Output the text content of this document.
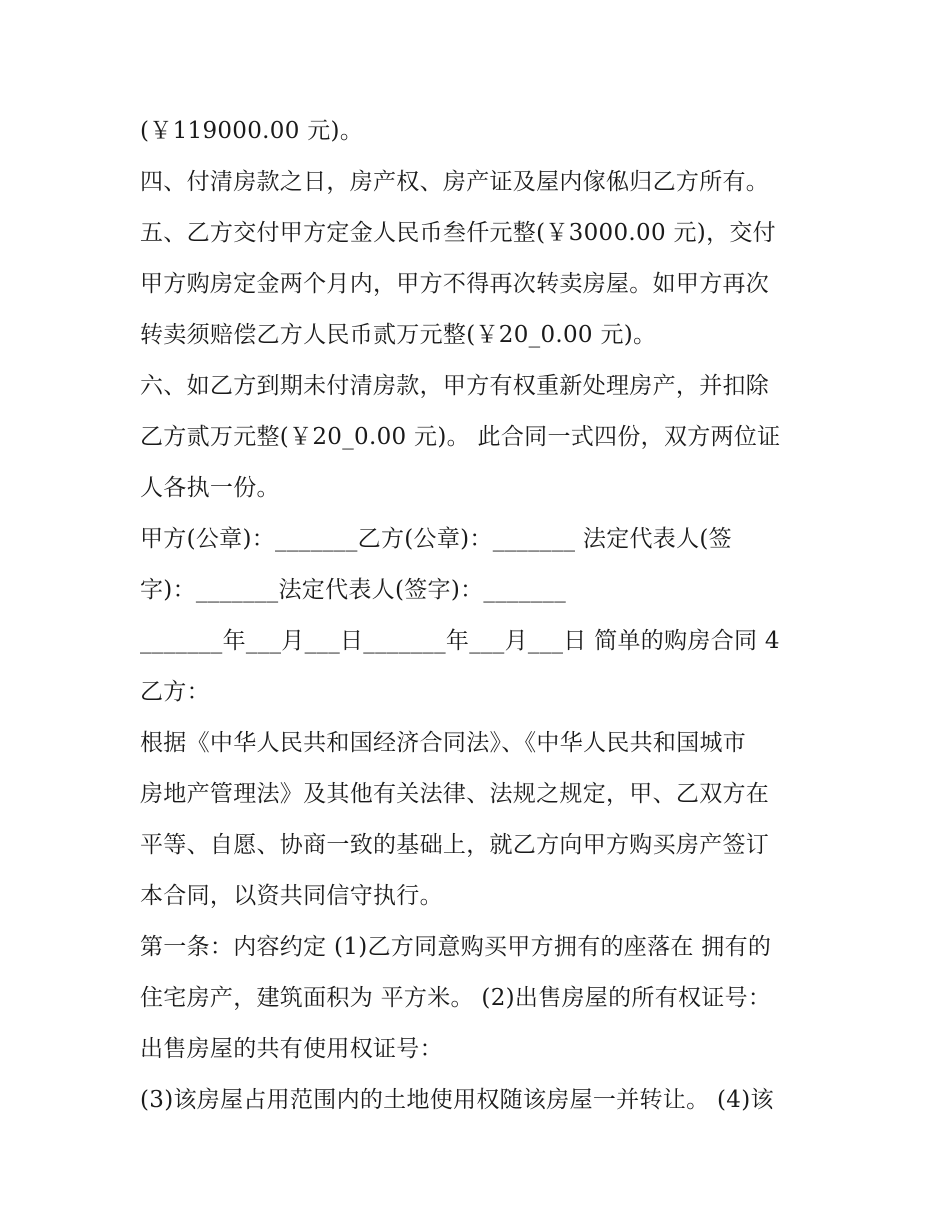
(￥119000.00 元)。
四、付清房款之日，房产权、房产证及屋内傢俬归乙方所有。
五、乙方交付甲方定金人民币叁仟元整(￥3000.00 元)，交付
甲方购房定金两个月内，甲方不得再次转卖房屋。如甲方再次
转卖须赔偿乙方人民币贰万元整(￥20_0.00 元)。
六、如乙方到期未付清房款，甲方有权重新处理房产，并扣除
乙方贰万元整(￥20_0.00 元)。 此合同一式四份，双方两位证
人各执一份。
甲方(公章)：_______乙方(公章)：_______ 法定代表人(签
字)：_______法定代表人(签字)：_______
_______年___月___日_______年___月___日 简单的购房合同 4
乙方：
根据《中华人民共和国经济合同法》、《中华人民共和国城市
房地产管理法》及其他有关法律、法规之规定，甲、乙双方在
平等、自愿、协商一致的基础上，就乙方向甲方购买房产签订
本合同，以资共同信守执行。
第一条：内容约定 (1)乙方同意购买甲方拥有的座落在 拥有的
住宅房产，建筑面积为 平方米。 (2)出售房屋的所有权证号：
出售房屋的共有使用权证号：
(3)该房屋占用范围内的土地使用权随该房屋一并转让。 (4)该
